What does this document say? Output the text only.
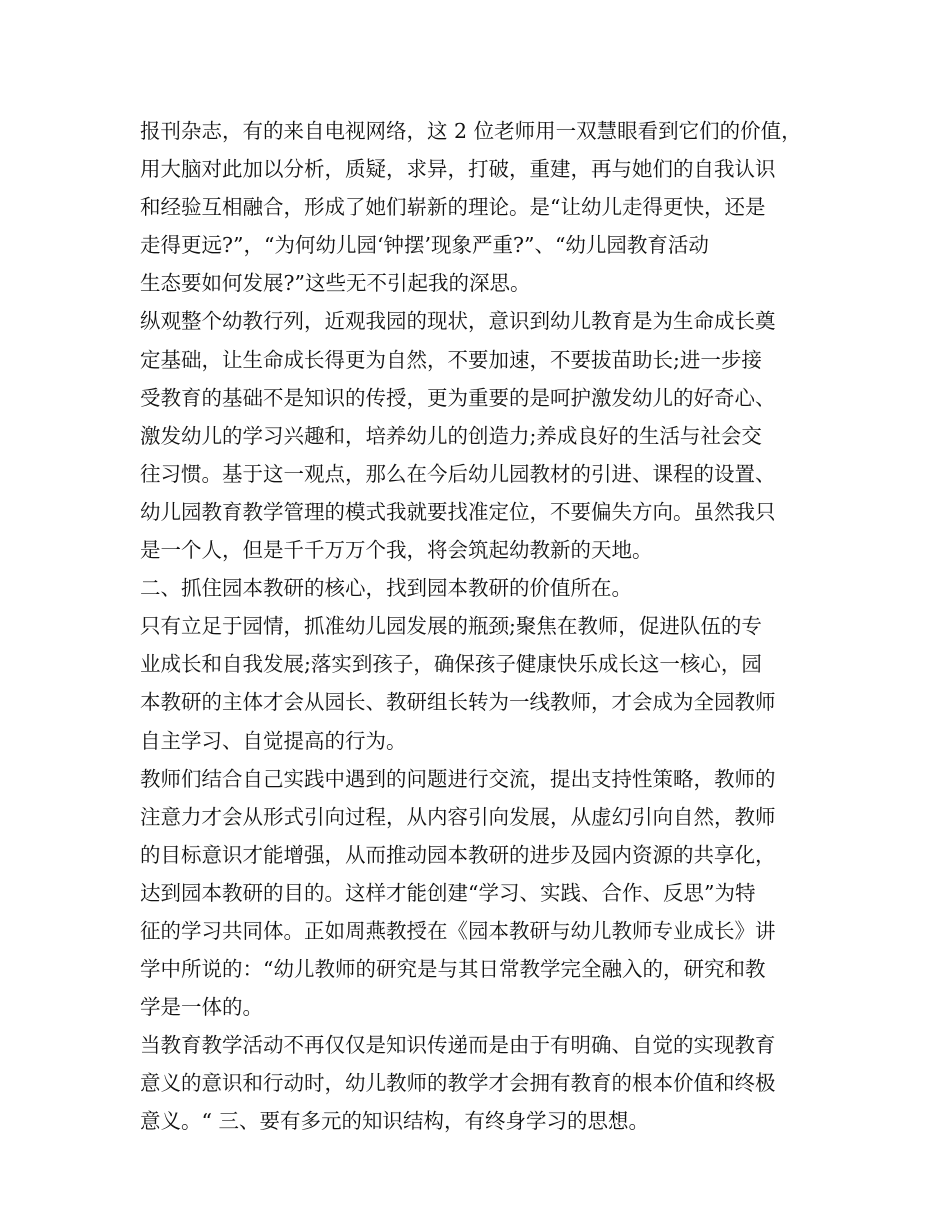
报刊杂志，有的来自电视网络，这 2 位老师用一双慧眼看到它们的价值，
用大脑对此加以分析，质疑，求异，打破，重建，再与她们的自我认识
和经验互相融合，形成了她们崭新的理论。是“让幼儿走得更快，还是
走得更远?”，“为何幼儿园‘钟摆’现象严重?”、“幼儿园教育活动
生态要如何发展?”这些无不引起我的深思。
纵观整个幼教行列，近观我园的现状，意识到幼儿教育是为生命成长奠
定基础，让生命成长得更为自然，不要加速，不要拔苗助长;进一步接
受教育的基础不是知识的传授，更为重要的是呵护激发幼儿的好奇心、
激发幼儿的学习兴趣和，培养幼儿的创造力;养成良好的生活与社会交
往习惯。基于这一观点，那么在今后幼儿园教材的引进、课程的设置、
幼儿园教育教学管理的模式我就要找准定位，不要偏失方向。虽然我只
是一个人，但是千千万万个我，将会筑起幼教新的天地。
二、抓住园本教研的核心，找到园本教研的价值所在。
只有立足于园情，抓准幼儿园发展的瓶颈;聚焦在教师，促进队伍的专
业成长和自我发展;落实到孩子，确保孩子健康快乐成长这一核心，园
本教研的主体才会从园长、教研组长转为一线教师，才会成为全园教师
自主学习、自觉提高的行为。
教师们结合自己实践中遇到的问题进行交流，提出支持性策略，教师的
注意力才会从形式引向过程，从内容引向发展，从虚幻引向自然，教师
的目标意识才能增强，从而推动园本教研的进步及园内资源的共享化，
达到园本教研的目的。这样才能创建“学习、实践、合作、反思”为特
征的学习共同体。正如周燕教授在《园本教研与幼儿教师专业成长》讲
学中所说的：“幼儿教师的研究是与其日常教学完全融入的，研究和教
学是一体的。
当教育教学活动不再仅仅是知识传递而是由于有明确、自觉的实现教育
意义的意识和行动时，幼儿教师的教学才会拥有教育的根本价值和终极
意义。“ 三、要有多元的知识结构，有终身学习的思想。
